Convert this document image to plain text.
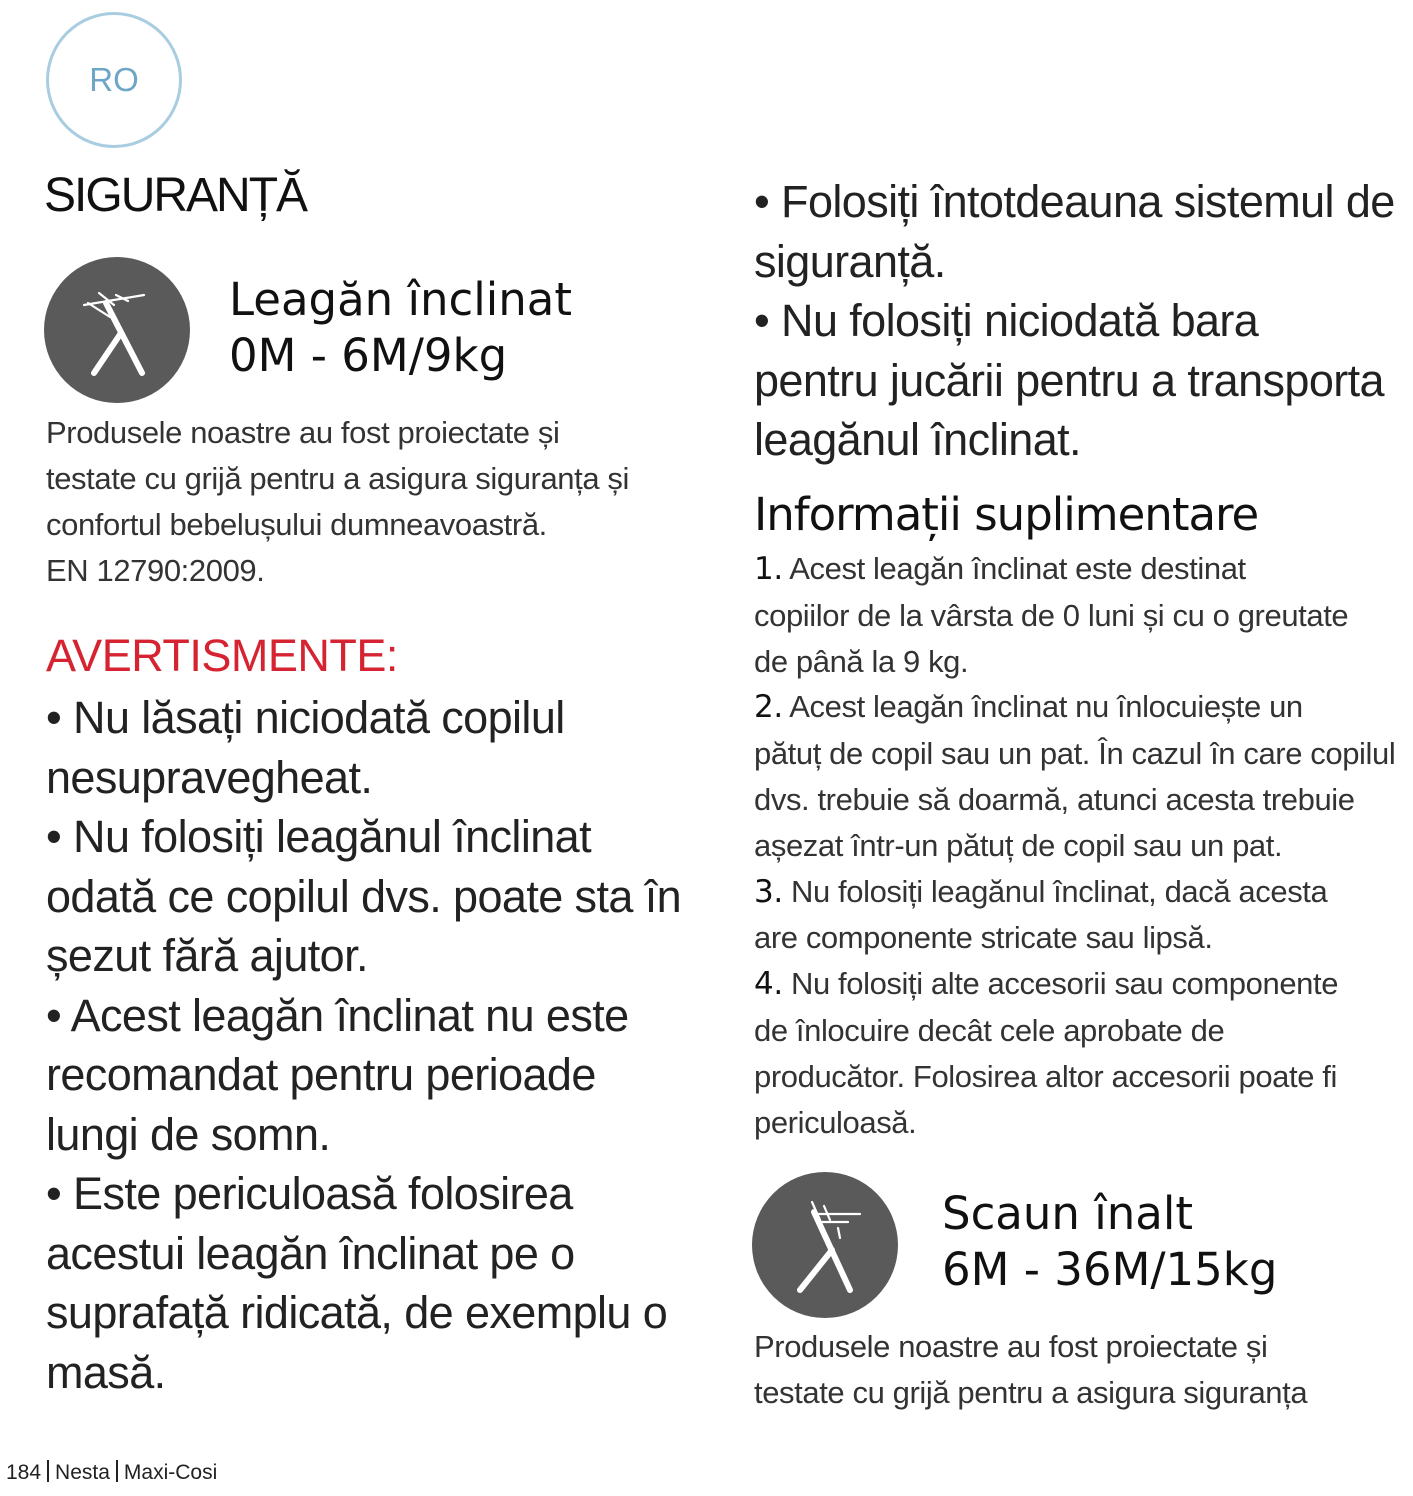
RO
SIGURANȚĂ
Leagăn înclinat
0M - 6M/9kg
Produsele noastre au fost proiectate și
testate cu grijă pentru a asigura siguranța și
confortul bebelușului dumneavoastră.
EN 12790:2009.
AVERTISMENTE:

• Nu lăsați niciodată copilul

nesupravegheat.

• Nu folosiți leagănul înclinat

odată ce copilul dvs. poate sta în

șezut fără ajutor.

• Acest leagăn înclinat nu este

recomandat pentru perioade

lungi de somn.

• Este periculoasă folosirea

acestui leagăn înclinat pe o

suprafață ridicată, de exemplu o

masă.

• Folosiți întotdeauna sistemul de

siguranță.

• Nu folosiți niciodată bara

pentru jucării pentru a transporta

leagănul înclinat.

Informații suplimentare
1. Acest leagăn înclinat este destinat
copiilor de la vârsta de 0 luni și cu o greutate
de până la 9 kg.
2. Acest leagăn înclinat nu înlocuiește un
pătuț de copil sau un pat. În cazul în care copilul
dvs. trebuie să doarmă, atunci acesta trebuie
așezat într-un pătuț de copil sau un pat.
3. Nu folosiți leagănul înclinat, dacă acesta
are componente stricate sau lipsă.
4. Nu folosiți alte accesorii sau componente
de înlocuire decât cele aprobate de
producător. Folosirea altor accesorii poate fi
periculoasă.
Scaun înalt
6M - 36M/15kg
Produsele noastre au fost proiectate și
testate cu grijă pentru a asigura siguranța
184 Nesta Maxi-Cosi
